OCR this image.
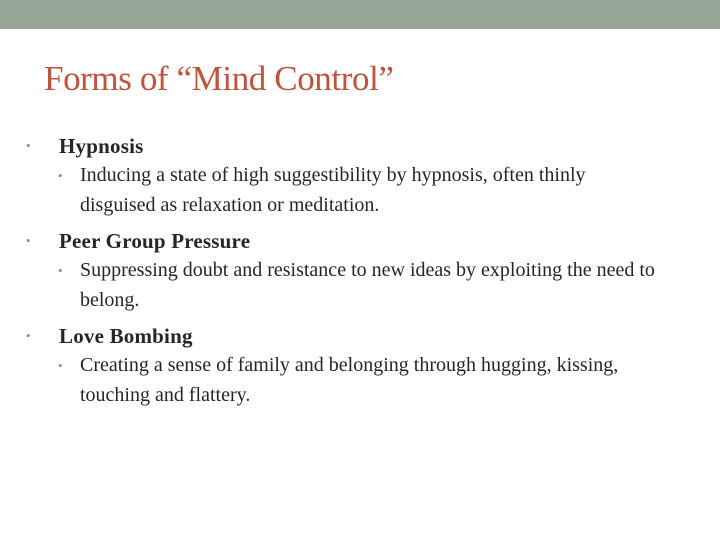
Forms of “Mind Control”
• Hypnosis
• Inducing a state of high suggestibility by hypnosis, often thinly disguised as relaxation or meditation.
• Peer Group Pressure
• Suppressing doubt and resistance to new ideas by exploiting the need to belong.
• Love Bombing
• Creating a sense of family and belonging through hugging, kissing, touching and flattery.
